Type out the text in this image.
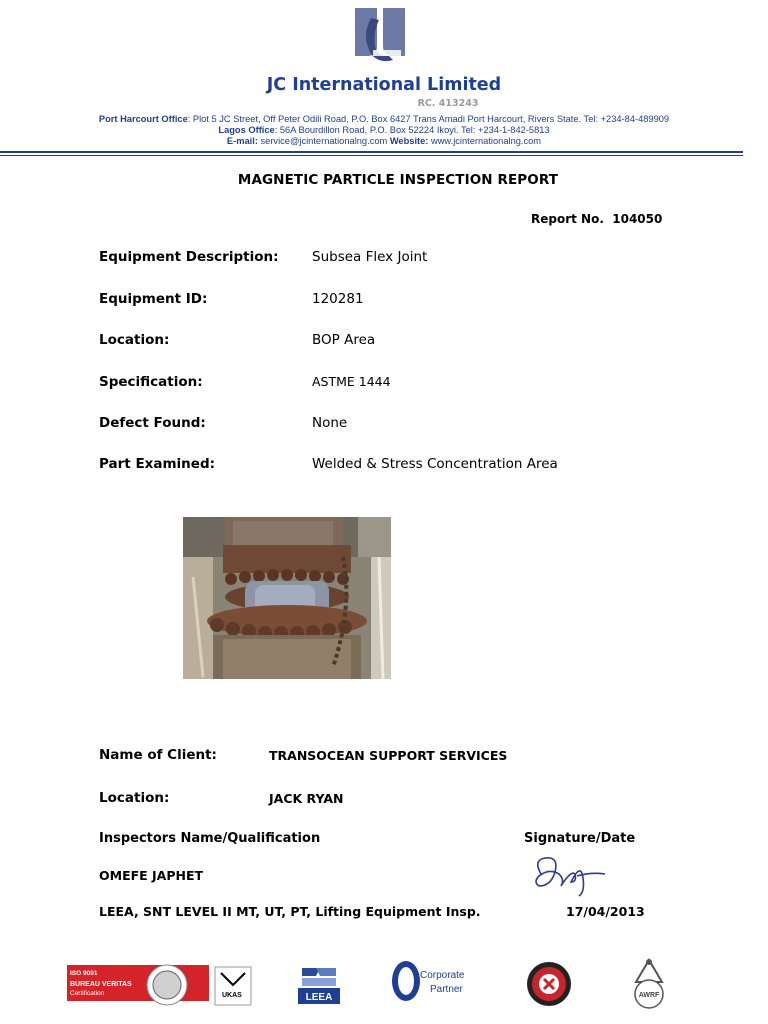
JC International Limited
RC. 413243
Port Harcourt Office: Plot 5 JC Street, Off Peter Odili Road, P.O. Box 6427 Trans Amadi Port Harcourt, Rivers State. Tel: +234-84-489909
Lagos Office: 56A Bourdillon Road, P.O. Box 52224 Ikoyi. Tel: +234-1-842-5813
E-mail: service@jcinternationalng.com Website: www.jcinternationalng.com
MAGNETIC PARTICLE INSPECTION REPORT
Report No. 104050
Equipment Description: Subsea Flex Joint
Equipment ID:	120281
Location:	BOP Area
Specification:	ASTME 1444
Defect Found:	None
Part Examined:	Welded & Stress Concentration Area
Name of Client:	TRANSOCEAN SUPPORT SERVICES
Location:	JACK RYAN
Inspectors Name/Qualification	Signature/Date
OMEFE JAPHET
LEEA, SNT LEVEL II MT, UT, PT, Lifting Equipment Insp.	17/04/2013
ISO 9001
BUREAU VERITAS
Certification	UKAS	LEEA
Corporate
Partner
AWRF
